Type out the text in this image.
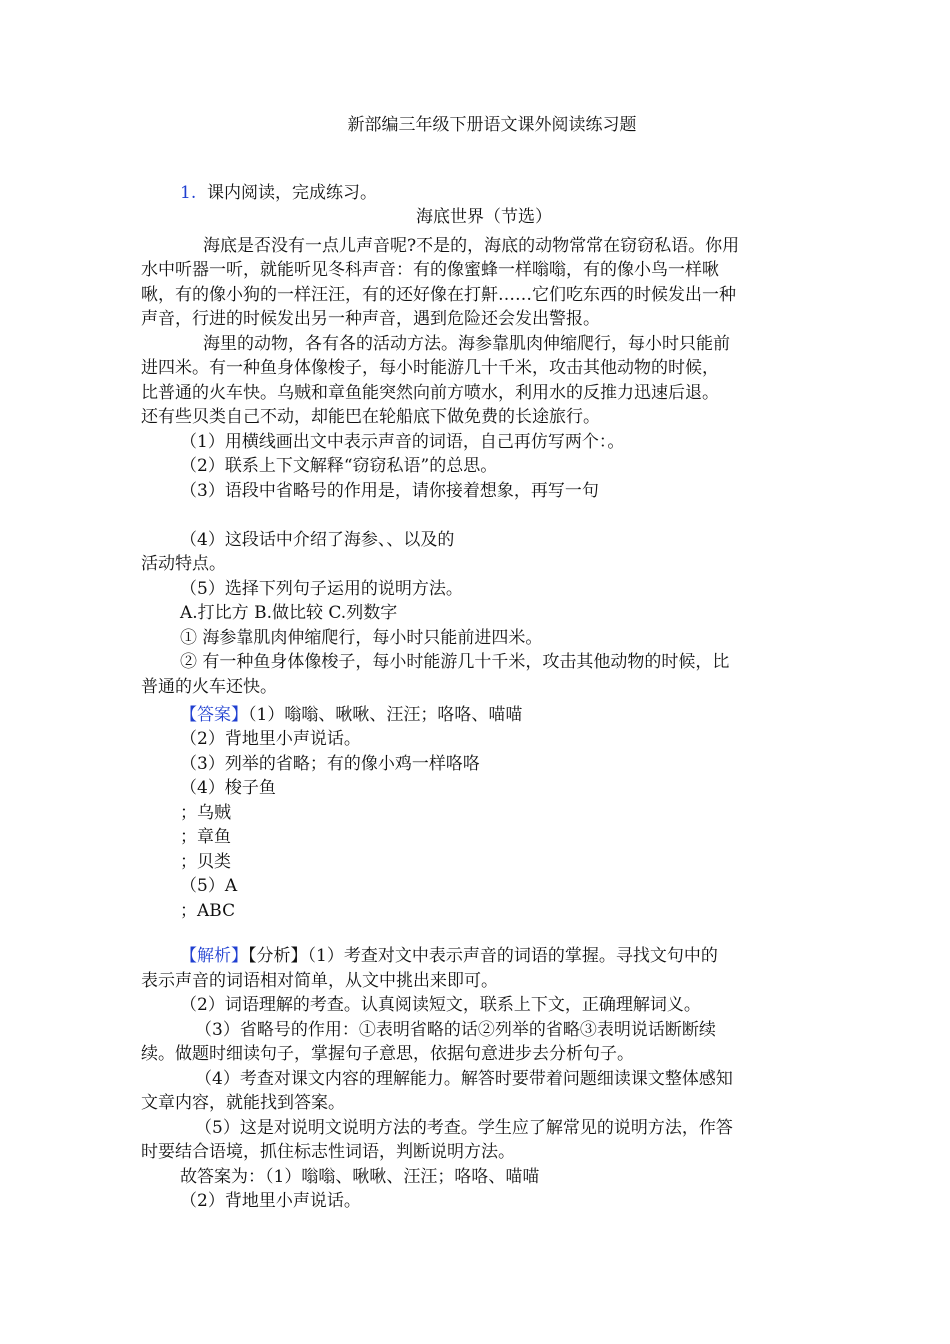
新部编三年级下册语文课外阅读练习题
1. 课内阅读，完成练习。
海底世界（节选）
海底是否没有一点儿声音呢?不是的，海底的动物常常在窃窃私语。你用
水中听器一听，就能听见冬科声音：有的像蜜蜂一样嗡嗡，有的像小鸟一样啾
啾，有的像小狗的一样汪汪，有的还好像在打鼾……它们吃东西的时候发出一种
声音，行进的时候发出另一种声音，遇到危险还会发出警报。
海里的动物，各有各的活动方法。海参靠肌肉伸缩爬行，每小时只能前
进四米。有一种鱼身体像梭子，每小时能游几十千米，攻击其他动物的时候，
比普通的火车快。乌贼和章鱼能突然向前方喷水，利用水的反推力迅速后退。
还有些贝类自己不动，却能巴在轮船底下做免费的长途旅行。
（1）用横线画出文中表示声音的词语，自己再仿写两个：。
（2）联系上下文解释“窃窃私语”的总思。
（3）语段中省略号的作用是，请你接着想象，再写一句
（4）这段话中介绍了海参、、以及的
活动特点。
（5）选择下列句子运用的说明方法。
A.打比方 B.做比较 C.列数字
① 海参靠肌肉伸缩爬行，每小时只能前进四米。
② 有一种鱼身体像梭子，每小时能游几十千米，攻击其他动物的时候，比
普通的火车还快。
【答案】（1）嗡嗡、啾啾、汪汪；咯咯、喵喵
（2）背地里小声说话。
（3）列举的省略；有的像小鸡一样咯咯
（4）梭子鱼
；乌贼
；章鱼
；贝类
（5）A
；ABC
【解析】【分析】（1）考查对文中表示声音的词语的掌握。寻找文句中的
表示声音的词语相对简单，从文中挑出来即可。
（2）词语理解的考查。认真阅读短文，联系上下文，正确理解词义。
（3）省略号的作用：①表明省略的话②列举的省略③表明说话断断续
续。做题时细读句子，掌握句子意思，依据句意进步去分析句子。
（4）考查对课文内容的理解能力。解答时要带着问题细读课文整体感知
文章内容，就能找到答案。
（5）这是对说明文说明方法的考查。学生应了解常见的说明方法，作答
时要结合语境，抓住标志性词语，判断说明方法。
故答案为：（1）嗡嗡、啾啾、汪汪；咯咯、喵喵
（2）背地里小声说话。
